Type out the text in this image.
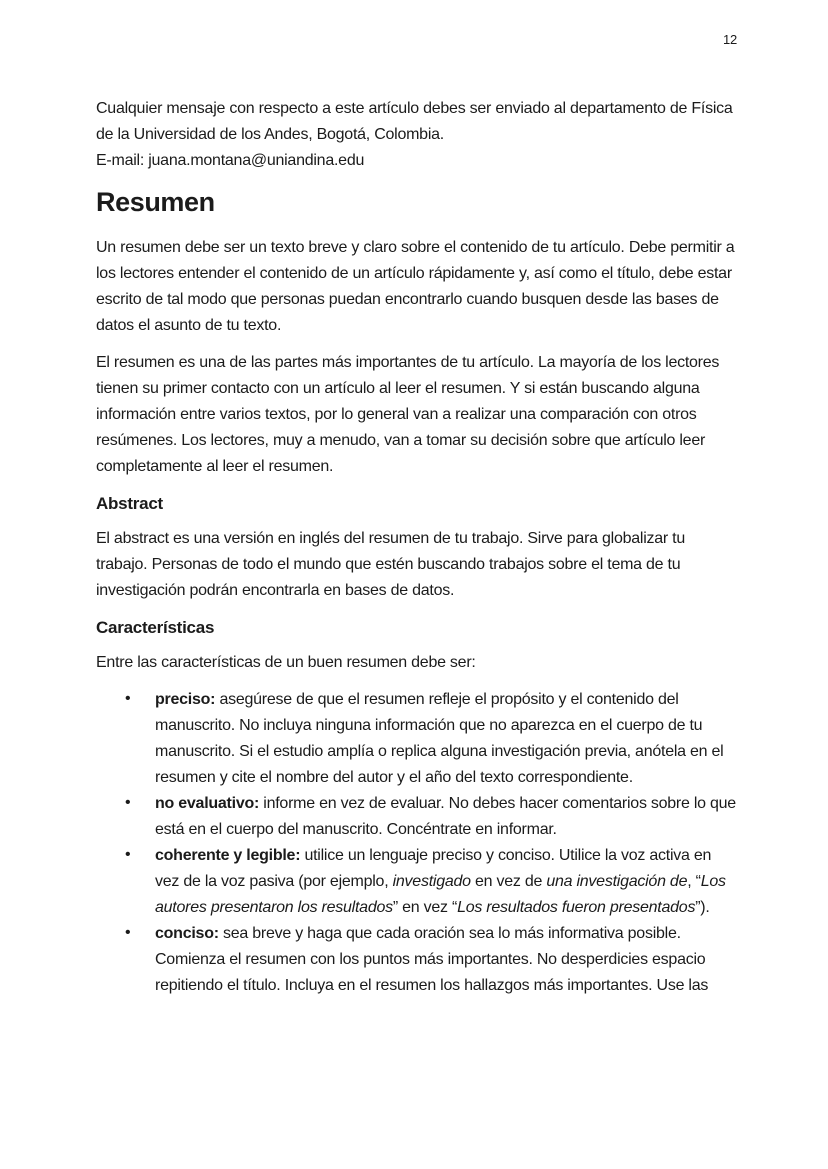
12

Cualquier mensaje con respecto a este artículo debes ser enviado al departamento de Física de la Universidad de los Andes, Bogotá, Colombia.
E-mail: juana.montana@uniandina.edu

Resumen

Un resumen debe ser un texto breve y claro sobre el contenido de tu artículo. Debe permitir a los lectores entender el contenido de un artículo rápidamente y, así como el título, debe estar escrito de tal modo que personas puedan encontrarlo cuando busquen desde las bases de datos el asunto de tu texto.

El resumen es una de las partes más importantes de tu artículo. La mayoría de los lectores tienen su primer contacto con un artículo al leer el resumen. Y si están buscando alguna información entre varios textos, por lo general van a realizar una comparación con otros resúmenes. Los lectores, muy a menudo, van a tomar su decisión sobre que artículo leer completamente al leer el resumen.

Abstract

El abstract es una versión en inglés del resumen de tu trabajo. Sirve para globalizar tu trabajo. Personas de todo el mundo que estén buscando trabajos sobre el tema de tu investigación podrán encontrarla en bases de datos.

Características

Entre las características de un buen resumen debe ser:

• preciso: asegúrese de que el resumen refleje el propósito y el contenido del manuscrito. No incluya ninguna información que no aparezca en el cuerpo de tu manuscrito. Si el estudio amplía o replica alguna investigación previa, anótela en el resumen y cite el nombre del autor y el año del texto correspondiente.
• no evaluativo: informe en vez de evaluar. No debes hacer comentarios sobre lo que está en el cuerpo del manuscrito. Concéntrate en informar.
• coherente y legible: utilice un lenguaje preciso y conciso. Utilice la voz activa en vez de la voz pasiva (por ejemplo, investigado en vez de una investigación de, “Los autores presentaron los resultados” en vez “Los resultados fueron presentados”).
• conciso: sea breve y haga que cada oración sea lo más informativa posible. Comienza el resumen con los puntos más importantes. No desperdicies espacio repitiendo el título. Incluya en el resumen los hallazgos más importantes. Use las
